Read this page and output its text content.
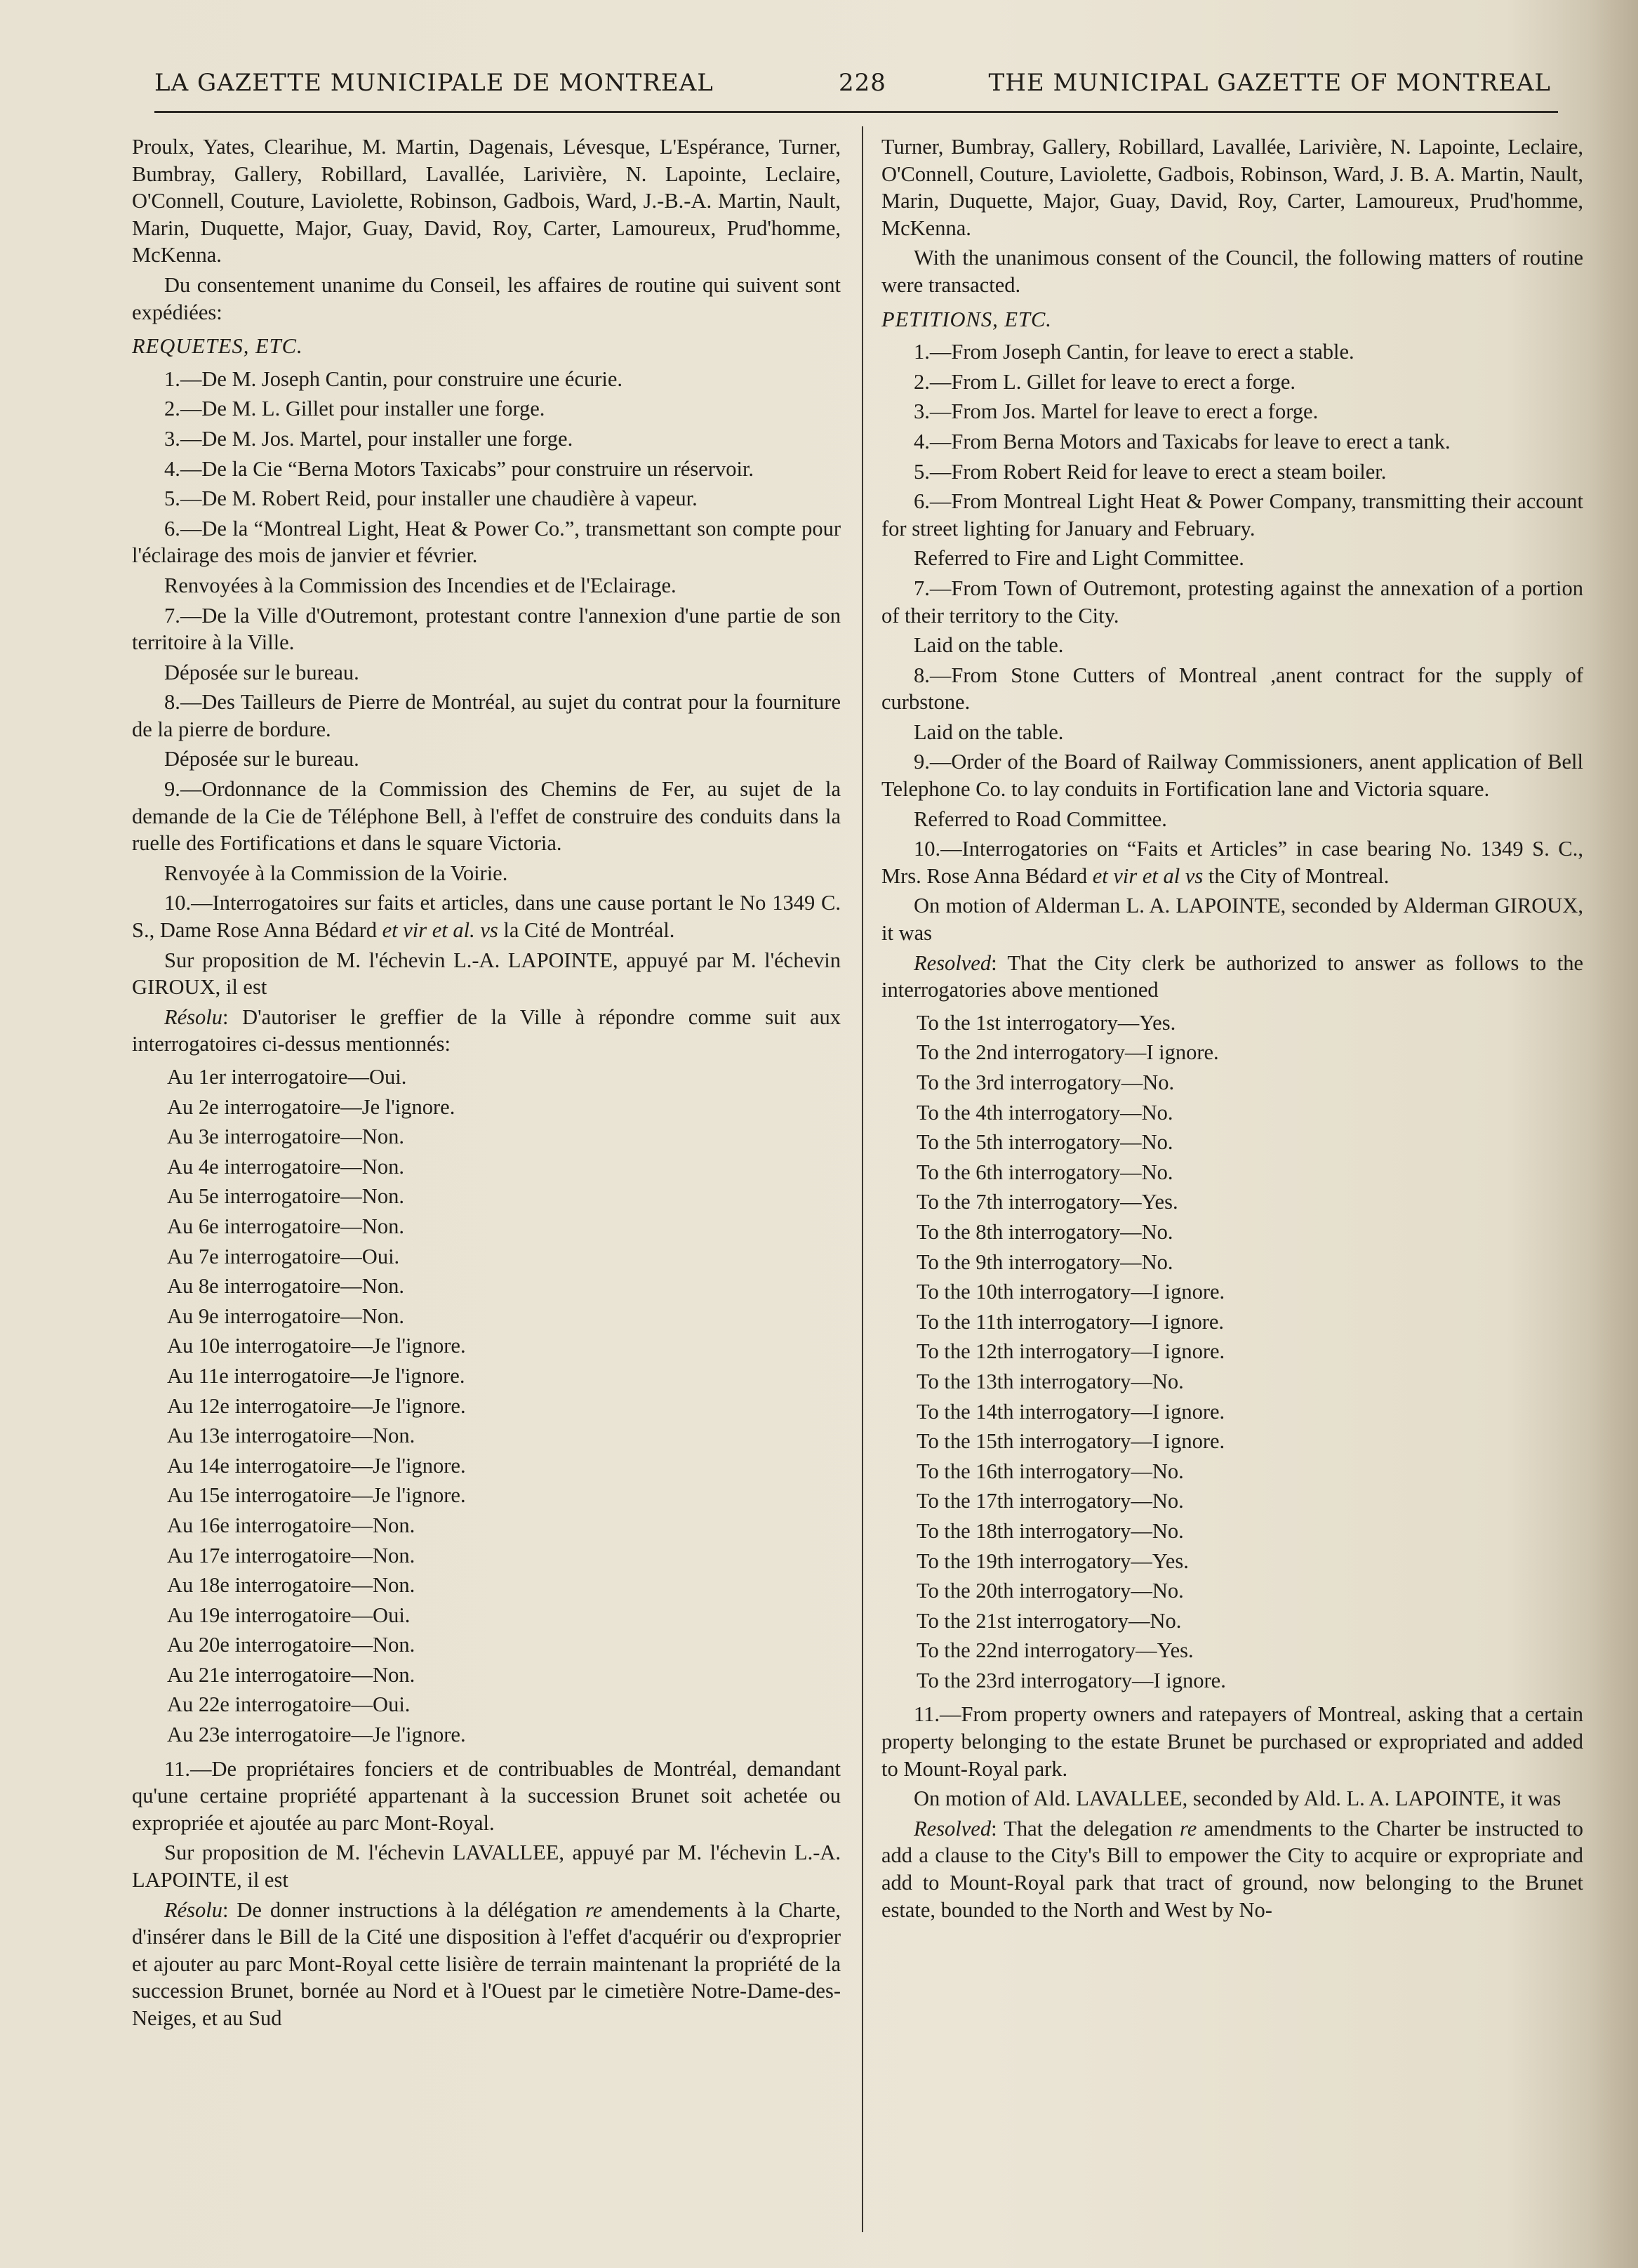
LA GAZETTE MUNICIPALE DE MONTREAL	228	THE MUNICIPAL GAZETTE OF MONTREAL

Proulx, Yates, Clearihue, M. Martin, Dagenais, Lévesque, L'Espérance, Turner, Bumbray, Gallery, Robillard, Lavallée, Larivière, N. Lapointe, Leclaire, O'Connell, Couture, Laviolette, Robinson, Gadbois, Ward, J.-B.-A. Martin, Nault, Marin, Duquette, Major, Guay, David, Roy, Carter, Lamoureux, Prud'homme, McKenna.

Du consentement unanime du Conseil, les affaires de routine qui suivent sont expédiées:

REQUETES, ETC.

1.—De M. Joseph Cantin, pour construire une écurie.

2.—De M. L. Gillet pour installer une forge.

3.—De M. Jos. Martel, pour installer une forge.

4.—De la Cie “Berna Motors Taxicabs” pour construire un réservoir.

5.—De M. Robert Reid, pour installer une chaudière à vapeur.

6.—De la “Montreal Light, Heat & Power Co.”, transmettant son compte pour l'éclairage des mois de janvier et février.

Renvoyées à la Commission des Incendies et de l'Eclairage.

7.—De la Ville d'Outremont, protestant contre l'annexion d'une partie de son territoire à la Ville.

Déposée sur le bureau.

8.—Des Tailleurs de Pierre de Montréal, au sujet du contrat pour la fourniture de la pierre de bordure.

Déposée sur le bureau.

9.—Ordonnance de la Commission des Chemins de Fer, au sujet de la demande de la Cie de Téléphone Bell, à l'effet de construire des conduits dans la ruelle des Fortifications et dans le square Victoria.

Renvoyée à la Commission de la Voirie.

10.—Interrogatoires sur faits et articles, dans une cause portant le No 1349 C. S., Dame Rose Anna Bédard et vir et al. vs la Cité de Montréal.

Sur proposition de M. l'échevin L.-A. LAPOINTE, appuyé par M. l'échevin GIROUX, il est

Résolu: D'autoriser le greffier de la Ville à répondre comme suit aux interrogatoires ci-dessus mentionnés:

Au 1er interrogatoire—Oui.
Au 2e interrogatoire—Je l'ignore.
Au 3e interrogatoire—Non.
Au 4e interrogatoire—Non.
Au 5e interrogatoire—Non.
Au 6e interrogatoire—Non.
Au 7e interrogatoire—Oui.
Au 8e interrogatoire—Non.
Au 9e interrogatoire—Non.
Au 10e interrogatoire—Je l'ignore.
Au 11e interrogatoire—Je l'ignore.
Au 12e interrogatoire—Je l'ignore.
Au 13e interrogatoire—Non.
Au 14e interrogatoire—Je l'ignore.
Au 15e interrogatoire—Je l'ignore.
Au 16e interrogatoire—Non.
Au 17e interrogatoire—Non.
Au 18e interrogatoire—Non.
Au 19e interrogatoire—Oui.
Au 20e interrogatoire—Non.
Au 21e interrogatoire—Non.
Au 22e interrogatoire—Oui.
Au 23e interrogatoire—Je l'ignore.

11.—De propriétaires fonciers et de contribuables de Montréal, demandant qu'une certaine propriété appartenant à la succession Brunet soit achetée ou expropriée et ajoutée au parc Mont-Royal.

Sur proposition de M. l'échevin LAVALLEE, appuyé par M. l'échevin L.-A. LAPOINTE, il est

Résolu: De donner instructions à la délégation re amendements à la Charte, d'insérer dans le Bill de la Cité une disposition à l'effet d'acquérir ou d'exproprier et ajouter au parc Mont-Royal cette lisière de terrain maintenant la propriété de la succession Brunet, bornée au Nord et à l'Ouest par le cimetière Notre-Dame-des-Neiges, et au Sud

Turner, Bumbray, Gallery, Robillard, Lavallée, Larivière, N. Lapointe, Leclaire, O'Connell, Couture, Laviolette, Gadbois, Robinson, Ward, J. B. A. Martin, Nault, Marin, Duquette, Major, Guay, David, Roy, Carter, Lamoureux, Prud'homme, McKenna.

With the unanimous consent of the Council, the following matters of routine were transacted.

PETITIONS, ETC.

1.—From Joseph Cantin, for leave to erect a stable.

2.—From L. Gillet for leave to erect a forge.

3.—From Jos. Martel for leave to erect a forge.

4.—From Berna Motors and Taxicabs for leave to erect a tank.

5.—From Robert Reid for leave to erect a steam boiler.

6.—From Montreal Light Heat & Power Company, transmitting their account for street lighting for January and February.

Referred to Fire and Light Committee.

7.—From Town of Outremont, protesting against the annexation of a portion of their territory to the City.

Laid on the table.

8.—From Stone Cutters of Montreal ,anent contract for the supply of curbstone.

Laid on the table.

9.—Order of the Board of Railway Commissioners, anent application of Bell Telephone Co. to lay conduits in Fortification lane and Victoria square.

Referred to Road Committee.

10.—Interrogatories on “Faits et Articles” in case bearing No. 1349 S. C., Mrs. Rose Anna Bédard et vir et al vs the City of Montreal.

On motion of Alderman L. A. LAPOINTE, seconded by Alderman GIROUX, it was

Resolved: That the City clerk be authorized to answer as follows to the interrogatories above mentioned

To the 1st interrogatory—Yes.
To the 2nd interrogatory—I ignore.
To the 3rd interrogatory—No.
To the 4th interrogatory—No.
To the 5th interrogatory—No.
To the 6th interrogatory—No.
To the 7th interrogatory—Yes.
To the 8th interrogatory—No.
To the 9th interrogatory—No.
To the 10th interrogatory—I ignore.
To the 11th interrogatory—I ignore.
To the 12th interrogatory—I ignore.
To the 13th interrogatory—No.
To the 14th interrogatory—I ignore.
To the 15th interrogatory—I ignore.
To the 16th interrogatory—No.
To the 17th interrogatory—No.
To the 18th interrogatory—No.
To the 19th interrogatory—Yes.
To the 20th interrogatory—No.
To the 21st interrogatory—No.
To the 22nd interrogatory—Yes.
To the 23rd interrogatory—I ignore.

11.—From property owners and ratepayers of Montreal, asking that a certain property belonging to the estate Brunet be purchased or expropriated and added to Mount-Royal park.

On motion of Ald. LAVALLEE, seconded by Ald. L. A. LAPOINTE, it was

Resolved: That the delegation re amendments to the Charter be instructed to add a clause to the City's Bill to empower the City to acquire or expropriate and add to Mount-Royal park that tract of ground, now belonging to the Brunet estate, bounded to the North and West by No-
